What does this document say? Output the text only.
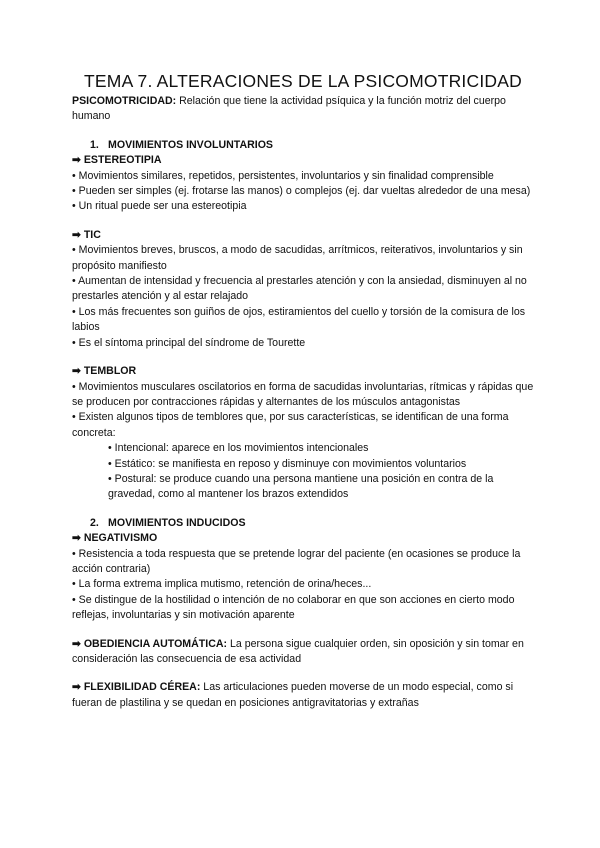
TEMA 7. ALTERACIONES DE LA PSICOMOTRICIDAD

PSICOMOTRICIDAD: Relación que tiene la actividad psíquica y la función motriz del cuerpo humano

1. MOVIMIENTOS INVOLUNTARIOS

➡ ESTEREOTIPIA

• Movimientos similares, repetidos, persistentes, involuntarios y sin finalidad comprensible

• Pueden ser simples (ej. frotarse las manos) o complejos (ej. dar vueltas alrededor de una mesa)

• Un ritual puede ser una estereotipia

➡ TIC

• Movimientos breves, bruscos, a modo de sacudidas, arrítmicos, reiterativos, involuntarios y sin propósito manifiesto

• Aumentan de intensidad y frecuencia al prestarles atención y con la ansiedad, disminuyen al no prestarles atención y al estar relajado

• Los más frecuentes son guiños de ojos, estiramientos del cuello y torsión de la comisura de los labios

• Es el síntoma principal del síndrome de Tourette

➡ TEMBLOR

• Movimientos musculares oscilatorios en forma de sacudidas involuntarias, rítmicas y rápidas que se producen por contracciones rápidas y alternantes de los músculos antagonistas

• Existen algunos tipos de temblores que, por sus características, se identifican de una forma concreta:

• Intencional: aparece en los movimientos intencionales

• Estático: se manifiesta en reposo y disminuye con movimientos voluntarios

• Postural: se produce cuando una persona mantiene una posición en contra de la gravedad, como al mantener los brazos extendidos

2. MOVIMIENTOS INDUCIDOS

➡ NEGATIVISMO

• Resistencia a toda respuesta que se pretende lograr del paciente (en ocasiones se produce la acción contraria)

• La forma extrema implica mutismo, retención de orina/heces...

• Se distingue de la hostilidad o intención de no colaborar en que son acciones en cierto modo reflejas, involuntarias y sin motivación aparente

➡ OBEDIENCIA AUTOMÁTICA: La persona sigue cualquier orden, sin oposición y sin tomar en consideración las consecuencia de esa actividad

➡ FLEXIBILIDAD CÉREA: Las articulaciones pueden moverse de un modo especial, como si fueran de plastilina y se quedan en posiciones antigravitatorias y extrañas
